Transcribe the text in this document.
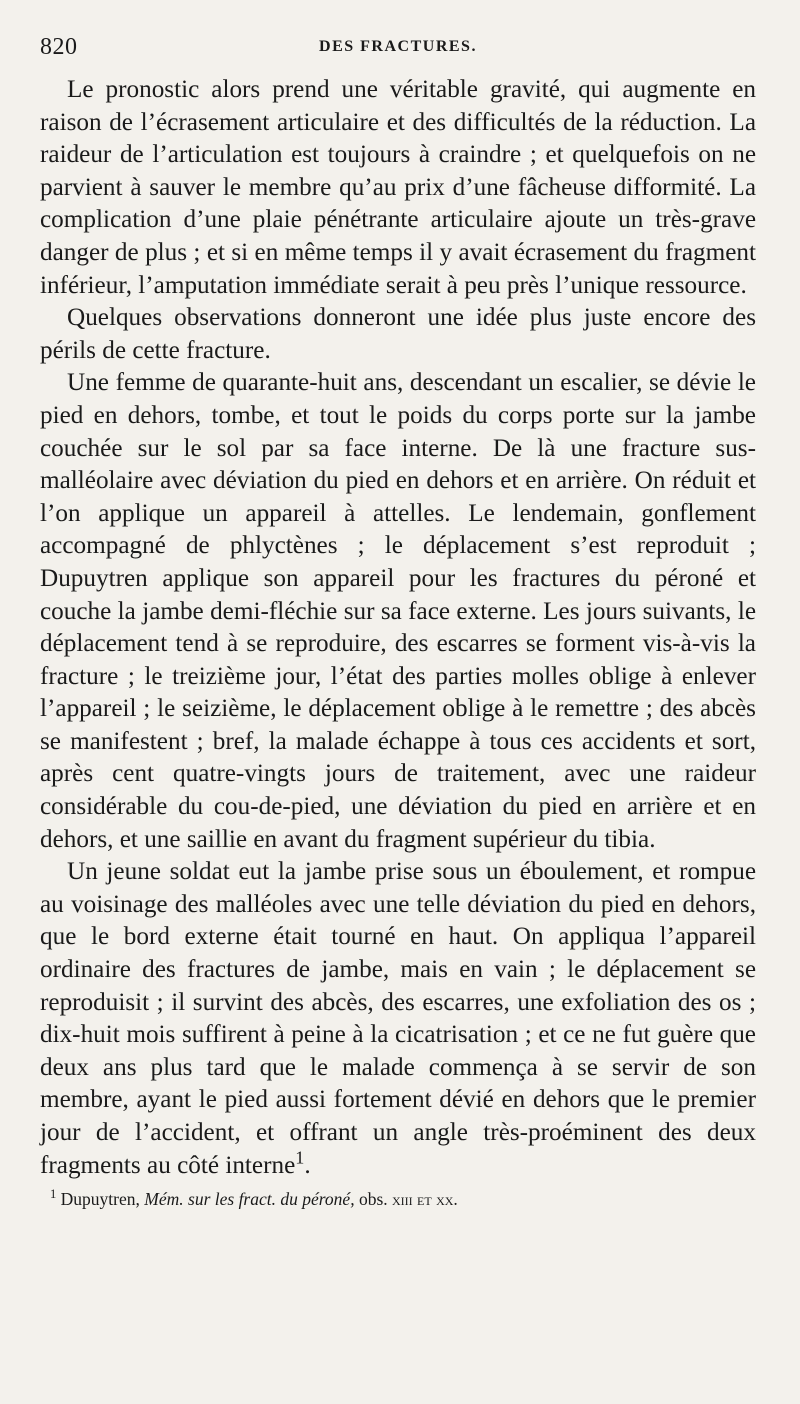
820	DES FRACTURES.

Le pronostic alors prend une véritable gravité, qui augmente en raison de l’écrasement articulaire et des difficultés de la réduction. La raideur de l’articulation est toujours à craindre ; et quelquefois on ne parvient à sauver le membre qu’au prix d’une fâcheuse difformité. La complication d’une plaie pénétrante articulaire ajoute un très-grave danger de plus ; et si en même temps il y avait écrasement du fragment inférieur, l’amputation immédiate serait à peu près l’unique ressource.

Quelques observations donneront une idée plus juste encore des périls de cette fracture.

Une femme de quarante-huit ans, descendant un escalier, se dévie le pied en dehors, tombe, et tout le poids du corps porte sur la jambe couchée sur le sol par sa face interne. De là une fracture sus-malléolaire avec déviation du pied en dehors et en arrière. On réduit et l’on applique un appareil à attelles. Le lendemain, gonflement accompagné de phlyctènes ; le déplacement s’est reproduit ; Dupuytren applique son appareil pour les fractures du péroné et couche la jambe demi-fléchie sur sa face externe. Les jours suivants, le déplacement tend à se reproduire, des escarres se forment vis-à-vis la fracture ; le treizième jour, l’état des parties molles oblige à enlever l’appareil ; le seizième, le déplacement oblige à le remettre ; des abcès se manifestent ; bref, la malade échappe à tous ces accidents et sort, après cent quatre-vingts jours de traitement, avec une raideur considérable du cou-de-pied, une déviation du pied en arrière et en dehors, et une saillie en avant du fragment supérieur du tibia.

Un jeune soldat eut la jambe prise sous un éboulement, et rompue au voisinage des malléoles avec une telle déviation du pied en dehors, que le bord externe était tourné en haut. On appliqua l’appareil ordinaire des fractures de jambe, mais en vain ; le déplacement se reproduisit ; il survint des abcès, des escarres, une exfoliation des os ; dix-huit mois suffirent à peine à la cicatrisation ; et ce ne fut guère que deux ans plus tard que le malade commença à se servir de son membre, ayant le pied aussi fortement dévié en dehors que le premier jour de l’accident, et offrant un angle très-proéminent des deux fragments au côté interne$^1$.

$^1$ Dupuytren, Mém. sur les fract. du péroné, obs. xiii et xx.
